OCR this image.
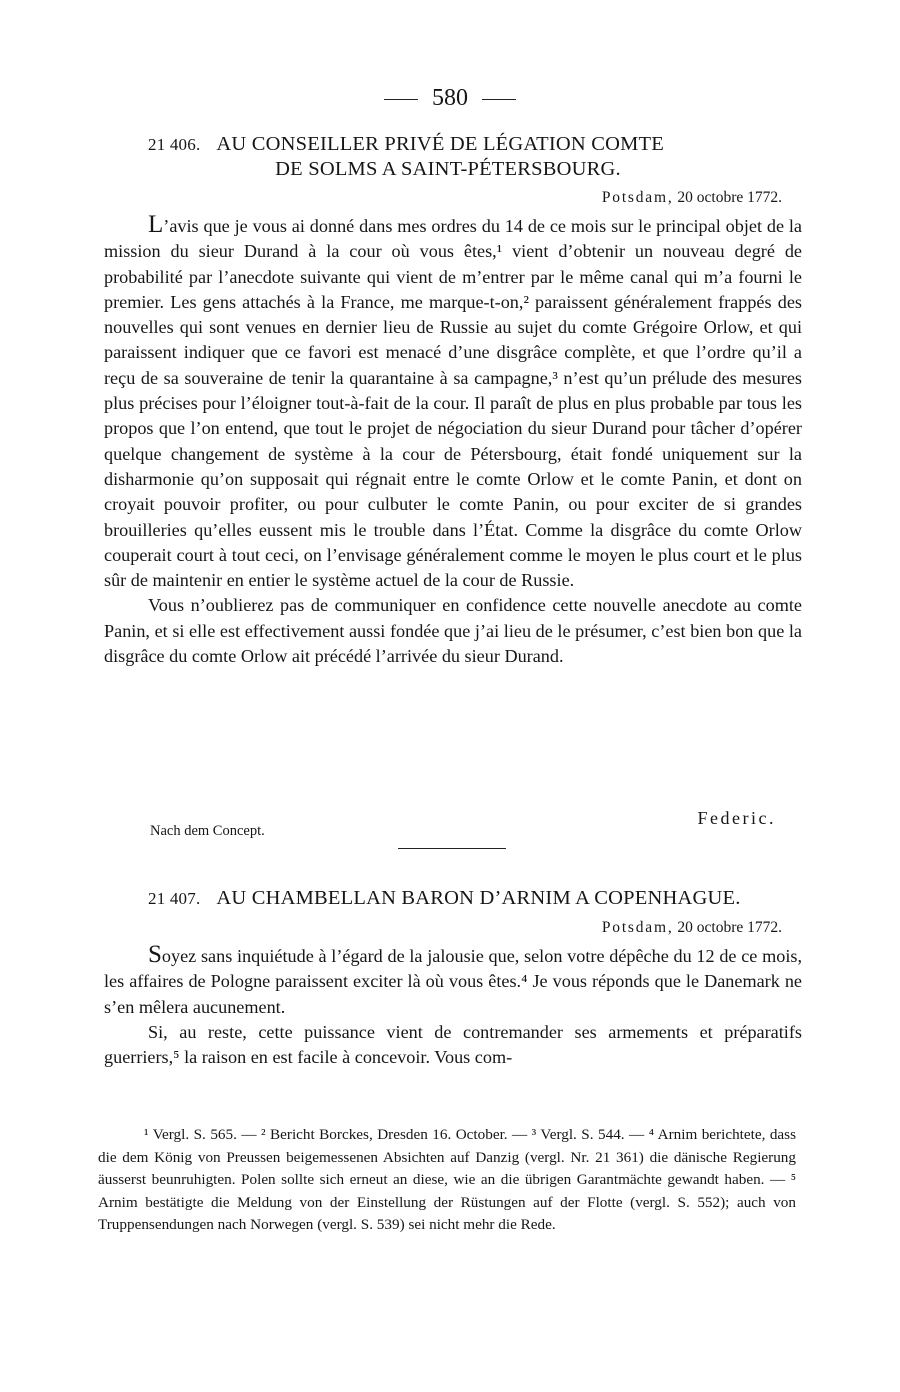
580
21 406. AU CONSEILLER PRIVÉ DE LÉGATION COMTE
DE SOLMS A SAINT-PÉTERSBOURG.
Potsdam, 20 octobre 1772.

L’avis que je vous ai donné dans mes ordres du 14 de ce mois sur le principal objet de la mission du sieur Durand à la cour où vous êtes,¹ vient d’obtenir un nouveau degré de probabilité par l’anecdote suivante qui vient de m’entrer par le même canal qui m’a fourni le premier. Les gens attachés à la France, me marque-t-on,² paraissent généralement frappés des nouvelles qui sont venues en dernier lieu de Russie au sujet du comte Grégoire Orlow, et qui paraissent indiquer que ce favori est menacé d’une disgrâce complète, et que l’ordre qu’il a reçu de sa souveraine de tenir la quarantaine à sa campagne,³ n’est qu’un prélude des mesures plus précises pour l’éloigner tout-à-fait de la cour. Il paraît de plus en plus probable par tous les propos que l’on entend, que tout le projet de négociation du sieur Durand pour tâcher d’opérer quelque changement de système à la cour de Pétersbourg, était fondé uniquement sur la disharmonie qu’on supposait qui régnait entre le comte Orlow et le comte Panin, et dont on croyait pouvoir profiter, ou pour culbuter le comte Panin, ou pour exciter de si grandes brouilleries qu’elles eussent mis le trouble dans l’État. Comme la disgrâce du comte Orlow couperait court à tout ceci, on l’envisage généralement comme le moyen le plus court et le plus sûr de maintenir en entier le système actuel de la cour de Russie.

Vous n’oublierez pas de communiquer en confidence cette nouvelle anecdote au comte Panin, et si elle est effectivement aussi fondée que j’ai lieu de le présumer, c’est bien bon que la disgrâce du comte Orlow ait précédé l’arrivée du sieur Durand.

Federic.
Nach dem Concept.
21 407. AU CHAMBELLAN BARON D’ARNIM A COPENHAGUE.
Potsdam, 20 octobre 1772.

Soyez sans inquiétude à l’égard de la jalousie que, selon votre dépêche du 12 de ce mois, les affaires de Pologne paraissent exciter là où vous êtes.⁴ Je vous réponds que le Danemark ne s’en mêlera aucunement.

Si, au reste, cette puissance vient de contremander ses armements et préparatifs guerriers,⁵ la raison en est facile à concevoir. Vous com-

¹ Vergl. S. 565. — ² Bericht Borckes, Dresden 16. October. — ³ Vergl. S. 544. — ⁴ Arnim berichtete, dass die dem König von Preussen beigemessenen Absichten auf Danzig (vergl. Nr. 21 361) die dänische Regierung äusserst beunruhigten. Polen sollte sich erneut an diese, wie an die übrigen Garantmächte gewandt haben. — ⁵ Arnim bestätigte die Meldung von der Einstellung der Rüstungen auf der Flotte (vergl. S. 552); auch von Truppensendungen nach Norwegen (vergl. S. 539) sei nicht mehr die Rede.
